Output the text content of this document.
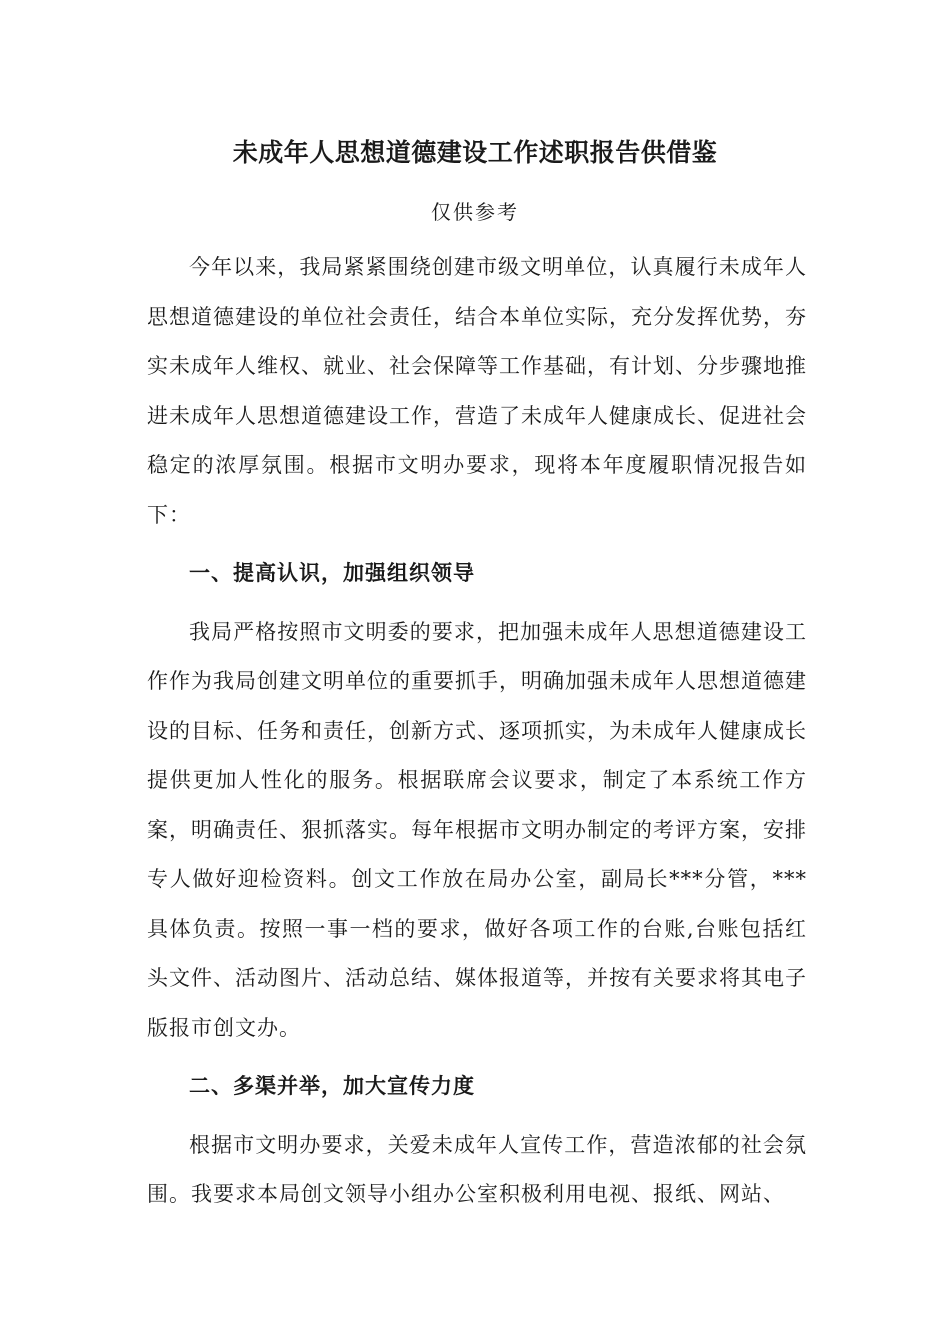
未成年人思想道德建设工作述职报告供借鉴
仅供参考

今年以来，我局紧紧围绕创建市级文明单位，认真履行未成年人思想道德建设的单位社会责任，结合本单位实际，充分发挥优势，夯实未成年人维权、就业、社会保障等工作基础，有计划、分步骤地推进未成年人思想道德建设工作，营造了未成年人健康成长、促进社会稳定的浓厚氛围。根据市文明办要求，现将本年度履职情况报告如下：

一、提高认识，加强组织领导

我局严格按照市文明委的要求，把加强未成年人思想道德建设工作作为我局创建文明单位的重要抓手，明确加强未成年人思想道德建设的目标、任务和责任，创新方式、逐项抓实，为未成年人健康成长提供更加人性化的服务。根据联席会议要求，制定了本系统工作方案，明确责任、狠抓落实。每年根据市文明办制定的考评方案，安排专人做好迎检资料。创文工作放在局办公室，副局长***分管，***具体负责。按照一事一档的要求，做好各项工作的台账,台账包括红头文件、活动图片、活动总结、媒体报道等，并按有关要求将其电子版报市创文办。

二、多渠并举，加大宣传力度

根据市文明办要求，关爱未成年人宣传工作，营造浓郁的社会氛围。我要求本局创文领导小组办公室积极利用电视、报纸、网站、
